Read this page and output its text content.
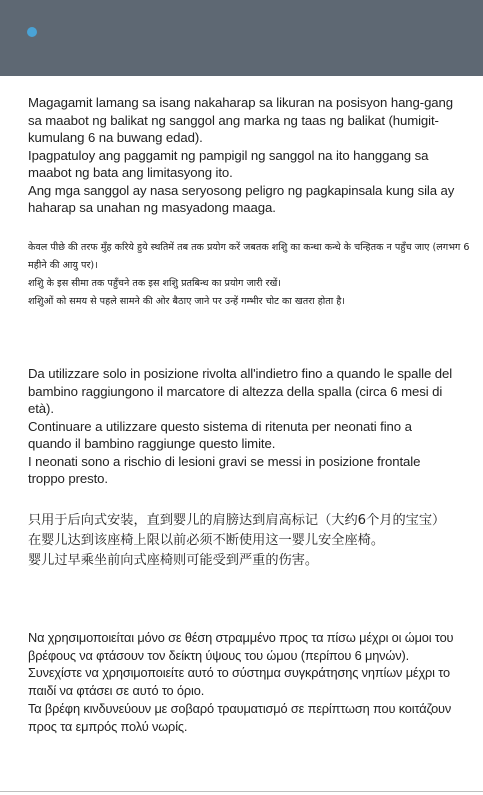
Magagamit lamang sa isang nakaharap sa likuran na posisyon hang-gang sa maabot ng balikat ng sanggol ang marka ng taas ng balikat (humigit-kumulang 6 na buwang edad).

Ipagpatuloy ang paggamit ng pampigil ng sanggol na ito hanggang sa maabot ng bata ang limitasyong ito.

Ang mga sanggol ay nasa seryosong peligro ng pagkapinsala kung sila ay haharap sa unahan ng masyadong maaga.

केवल पीछे की तरफ मुँह करिये हुये स्थतिमें तब तक प्रयोग करें जबतक शशुि का कन्धा कन्धे के चन्हितक न पहुँच जाए (लगभग 6 महीने की आयु पर)।

शशुि के इस सीमा तक पहुँचने तक इस शशुि प्रतबिन्ध का प्रयोग जारी रखें।

शशुिओं को समय से पहले सामने की ओर बैठाए जाने पर उन्हें गम्भीर चोट का खतरा होता है।

Da utilizzare solo in posizione rivolta all'indietro fino a quando le spalle del bambino raggiungono il marcatore di altezza della spalla (circa 6 mesi di età).

Continuare a utilizzare questo sistema di ritenuta per neonati fino a quando il bambino raggiunge questo limite.

I neonati sono a rischio di lesioni gravi se messi in posizione frontale troppo presto.

只用于后向式安装，直到婴儿的肩膀达到肩高标记（大约6个月的宝宝）

在婴儿达到该座椅上限以前必须不断使用这一婴儿安全座椅。

婴儿过早乘坐前向式座椅则可能受到严重的伤害。

Να χρησιμοποιείται μόνο σε θέση στραμμένο προς τα πίσω μέχρι οι ώμοι του βρέφους να φτάσουν τον δείκτη ύψους του ώμου (περίπου 6 μηνών).

Συνεχίστε να χρησιμοποιείτε αυτό το σύστημα συγκράτησης νηπίων μέχρι το παιδί να φτάσει σε αυτό το όριο.

Τα βρέφη κινδυνεύουν με σοβαρό τραυματισμό σε περίπτωση που κοιτάζουν προς τα εμπρός πολύ νωρίς.
